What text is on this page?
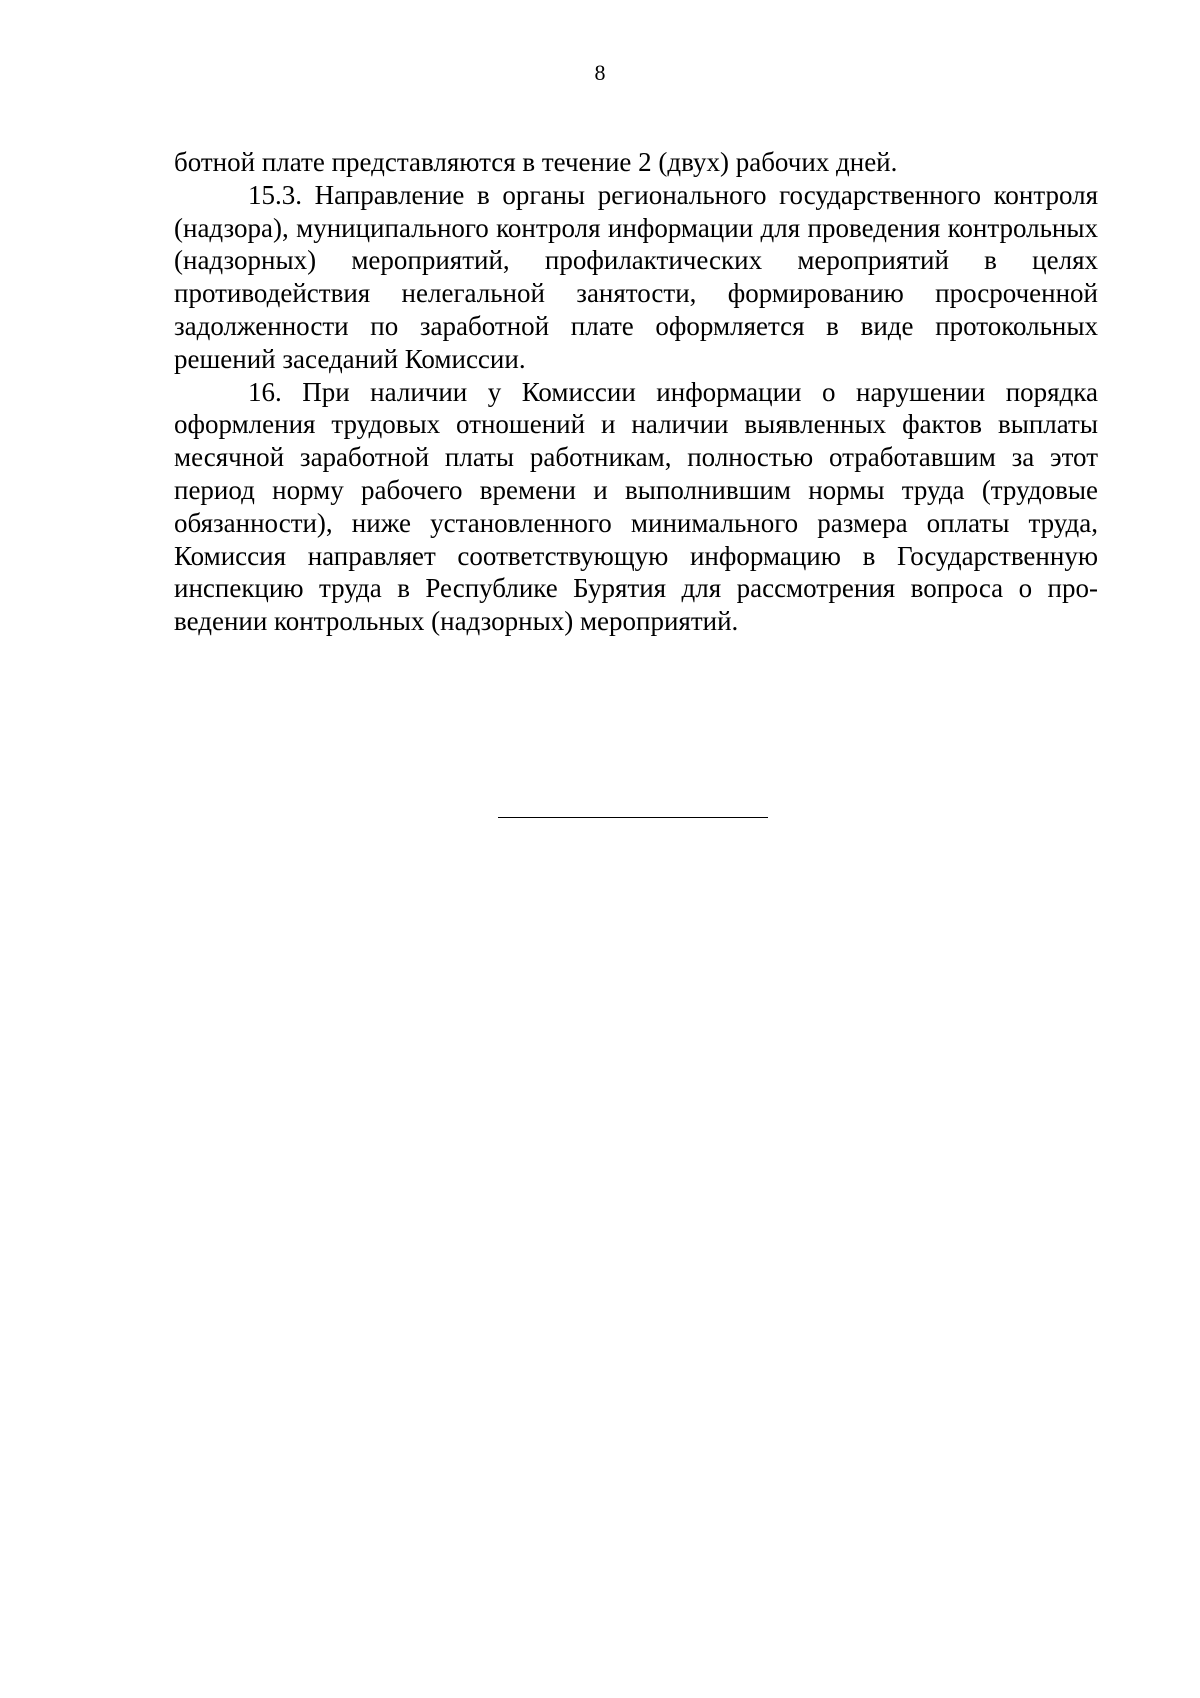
8

ботной плате представляются в течение 2 (двух) рабочих дней.

15.3. Направление в органы регионального государственного контроля (надзора), муниципального контроля информации для проведения контрольных (надзорных) мероприятий, профилактических мероприятий в целях противодействия нелегальной занятости, формированию просроченной задолженности по заработной плате оформляется в виде протокольных решений заседаний Комиссии.

16. При наличии у Комиссии информации о нарушении порядка оформления трудовых отношений и наличии выявленных фактов выплаты месячной заработной платы работникам, полностью отработавшим за этот период норму рабочего времени и выполнившим нормы труда (трудовые обязанности), ниже установленного минимального размера оплаты труда, Комиссия направляет соответствующую информацию в Государственную инспекцию труда в Республике Бурятия для рассмотрения вопроса о проведении контрольных (надзорных) мероприятий.
